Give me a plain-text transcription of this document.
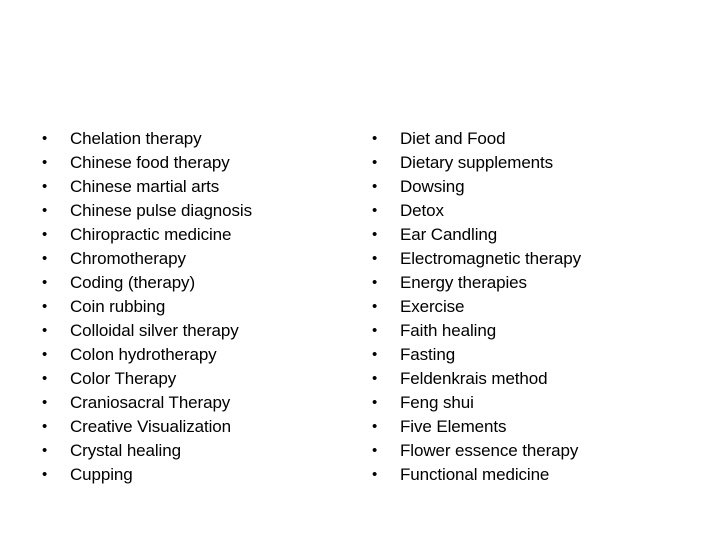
•	Chelation therapy
•	Chinese food therapy
•	Chinese martial arts
•	Chinese pulse diagnosis
•	Chiropractic medicine
•	Chromotherapy
•	Coding (therapy)
•	Coin rubbing
•	Colloidal silver therapy
•	Colon hydrotherapy
•	Color Therapy
•	Craniosacral Therapy
•	Creative Visualization
•	Crystal healing
•	Cupping
•	Diet and Food
•	Dietary supplements
•	Dowsing
•	Detox
•	Ear Candling
•	Electromagnetic therapy
•	Energy therapies
•	Exercise
•	Faith healing
•	Fasting
•	Feldenkrais method
•	Feng shui
•	Five Elements
•	Flower essence therapy
•	Functional medicine
